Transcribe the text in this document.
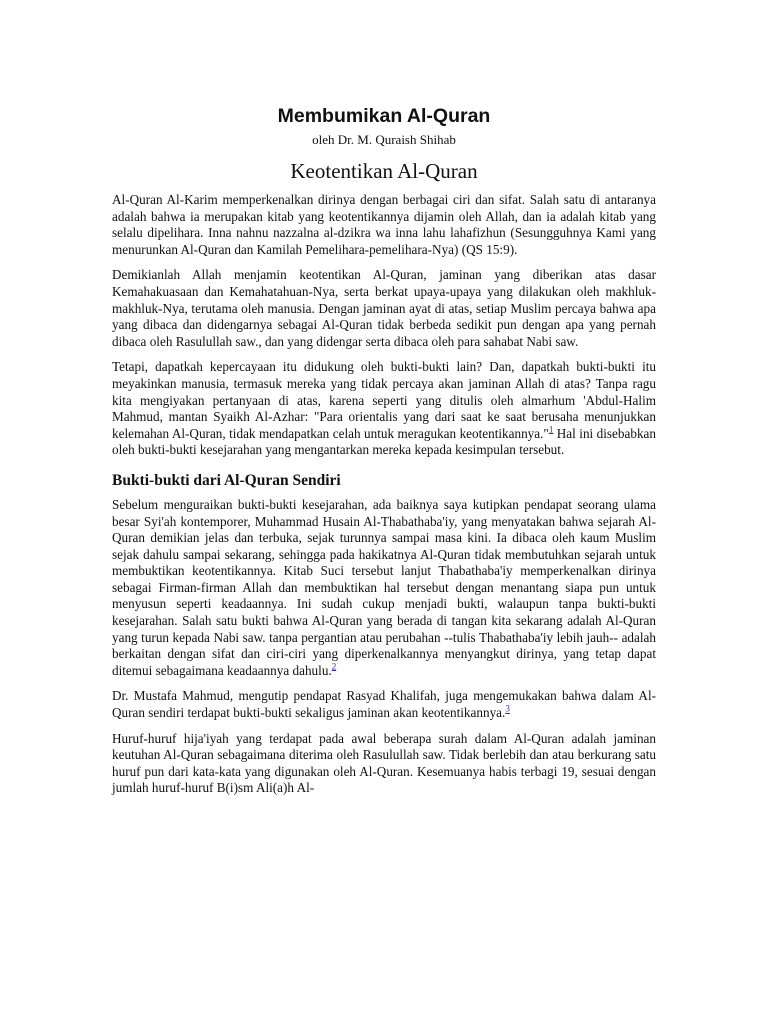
Membumikan Al-Quran
oleh Dr. M. Quraish Shihab
Keotentikan Al-Quran

Al-Quran Al-Karim memperkenalkan dirinya dengan berbagai ciri dan sifat. Salah satu di antaranya adalah bahwa ia merupakan kitab yang keotentikannya dijamin oleh Allah, dan ia adalah kitab yang selalu dipelihara. Inna nahnu nazzalna al-dzikra wa inna lahu lahafizhun (Sesungguhnya Kami yang menurunkan Al-Quran dan Kamilah Pemelihara-pemelihara-Nya) (QS 15:9).

Demikianlah Allah menjamin keotentikan Al-Quran, jaminan yang diberikan atas dasar Kemahakuasaan dan Kemahatahuan-Nya, serta berkat upaya-upaya yang dilakukan oleh makhluk-makhluk-Nya, terutama oleh manusia. Dengan jaminan ayat di atas, setiap Muslim percaya bahwa apa yang dibaca dan didengarnya sebagai Al-Quran tidak berbeda sedikit pun dengan apa yang pernah dibaca oleh Rasulullah saw., dan yang didengar serta dibaca oleh para sahabat Nabi saw.

Tetapi, dapatkah kepercayaan itu didukung oleh bukti-bukti lain? Dan, dapatkah bukti-bukti itu meyakinkan manusia, termasuk mereka yang tidak percaya akan jaminan Allah di atas? Tanpa ragu kita mengiyakan pertanyaan di atas, karena seperti yang ditulis oleh almarhum 'Abdul-Halim Mahmud, mantan Syaikh Al-Azhar: "Para orientalis yang dari saat ke saat berusaha menunjukkan kelemahan Al-Quran, tidak mendapatkan celah untuk meragukan keotentikannya."$^1$ Hal ini disebabkan oleh bukti-bukti kesejarahan yang mengantarkan mereka kepada kesimpulan tersebut.

Bukti-bukti dari Al-Quran Sendiri

Sebelum menguraikan bukti-bukti kesejarahan, ada baiknya saya kutipkan pendapat seorang ulama besar Syi'ah kontemporer, Muhammad Husain Al-Thabathaba'iy, yang menyatakan bahwa sejarah Al-Quran demikian jelas dan terbuka, sejak turunnya sampai masa kini. Ia dibaca oleh kaum Muslim sejak dahulu sampai sekarang, sehingga pada hakikatnya Al-Quran tidak membutuhkan sejarah untuk membuktikan keotentikannya. Kitab Suci tersebut lanjut Thabathaba'iy memperkenalkan dirinya sebagai Firman-firman Allah dan membuktikan hal tersebut dengan menantang siapa pun untuk menyusun seperti keadaannya. Ini sudah cukup menjadi bukti, walaupun tanpa bukti-bukti kesejarahan. Salah satu bukti bahwa Al-Quran yang berada di tangan kita sekarang adalah Al-Quran yang turun kepada Nabi saw. tanpa pergantian atau perubahan --tulis Thabathaba'iy lebih jauh-- adalah berkaitan dengan sifat dan ciri-ciri yang diperkenalkannya menyangkut dirinya, yang tetap dapat ditemui sebagaimana keadaannya dahulu.$^2$

Dr. Mustafa Mahmud, mengutip pendapat Rasyad Khalifah, juga mengemukakan bahwa dalam Al-Quran sendiri terdapat bukti-bukti sekaligus jaminan akan keotentikannya.$^3$

Huruf-huruf hija'iyah yang terdapat pada awal beberapa surah dalam Al-Quran adalah jaminan keutuhan Al-Quran sebagaimana diterima oleh Rasulullah saw. Tidak berlebih dan atau berkurang satu huruf pun dari kata-kata yang digunakan oleh Al-Quran. Kesemuanya habis terbagi 19, sesuai dengan jumlah huruf-huruf B(i)sm Ali(a)h Al-
